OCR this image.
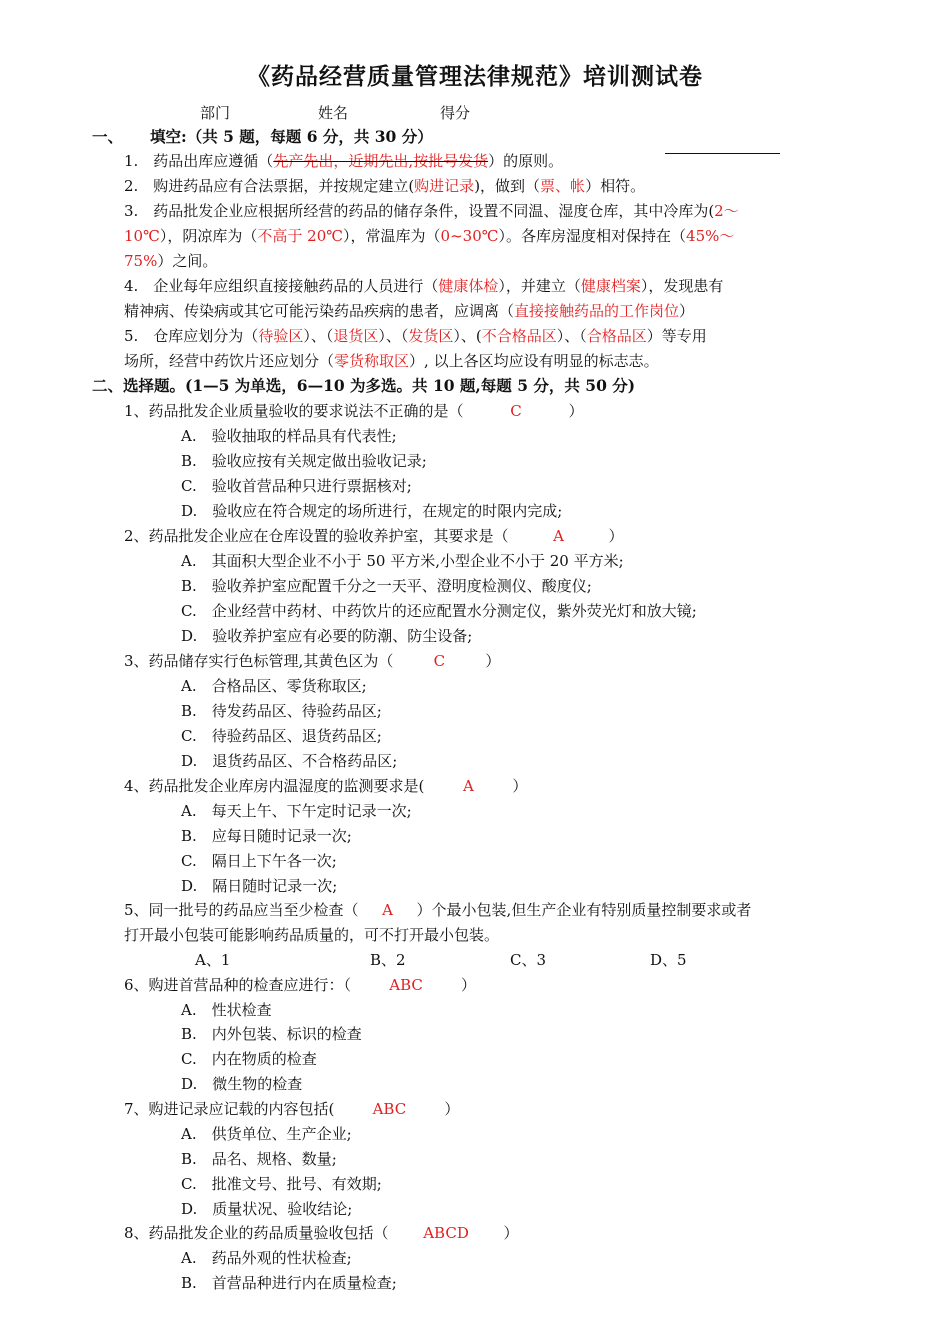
《药品经营质量管理法律规范》培训测试卷
部门	姓名	得分
一、 填空:（共 5 题，每题 6 分，共 30 分）
1.　药品出库应遵循（先产先出，近期先出,按批号发货）的原则。
2.　购进药品应有合法票据，并按规定建立(购进记录)，做到（票、帐）相符。
3.　药品批发企业应根据所经营的药品的储存条件，设置不同温、湿度仓库，其中冷库为(2～
10℃），阴凉库为（不高于 20℃），常温库为（0~30℃）。各库房湿度相对保持在（45%～
75%）之间。
4.　企业每年应组织直接接触药品的人员进行（健康体检），并建立（健康档案），发现患有
精神病、传染病或其它可能污染药品疾病的患者，应调离（直接接触药品的工作岗位）
5.　仓库应划分为（待验区）、（退货区）、（发货区）、(不合格品区）、（合格品区）等专用
场所，经营中药饮片还应划分（零货称取区）, 以上各区均应设有明显的标志志。
二、选择题。(1—5 为单选，6—10 为多选。共 10 题,每题 5 分，共 50 分)
1、药品批发企业质量验收的要求说法不正确的是（	C	）
A.　验收抽取的样品具有代表性;
B.　验收应按有关规定做出验收记录;
C.　验收首营品种只进行票据核对;
D.　验收应在符合规定的场所进行，在规定的时限内完成;
2、药品批发企业应在仓库设置的验收养护室，其要求是（	A	）
A.　其面积大型企业不小于 50 平方米,小型企业不小于 20 平方米;
B.　验收养护室应配置千分之一天平、澄明度检测仪、酸度仪;
C.　企业经营中药材、中药饮片的还应配置水分测定仪，紫外荧光灯和放大镜;
D.　验收养护室应有必要的防潮、防尘设备;
3、药品储存实行色标管理,其黄色区为（	C	）
A.　合格品区、零货称取区;
B.　待发药品区、待验药品区;
C.　待验药品区、退货药品区;
D.　退货药品区、不合格药品区;
4、药品批发企业库房内温湿度的监测要求是(	A	）
A.　每天上午、下午定时记录一次;
B.　应每日随时记录一次;
C.　隔日上下午各一次;
D.　隔日随时记录一次;
5、同一批号的药品应当至少检查（ A ）个最小包装,但生产企业有特别质量控制要求或者
打开最小包装可能影响药品质量的，可不打开最小包装。
A、1	B、2	C、3	D、5
6、购进首营品种的检查应进行：（	ABC	）
A.　性状检查
B.　内外包装、标识的检查
C.　内在物质的检查
D.　微生物的检查
7、购进记录应记载的内容包括(	ABC	）
A.　供货单位、生产企业;
B.　品名、规格、数量;
C.　批准文号、批号、有效期;
D.　质量状况、验收结论;
8、药品批发企业的药品质量验收包括（ ABCD ）
A.　药品外观的性状检查;
B.　首营品种进行内在质量检查;
